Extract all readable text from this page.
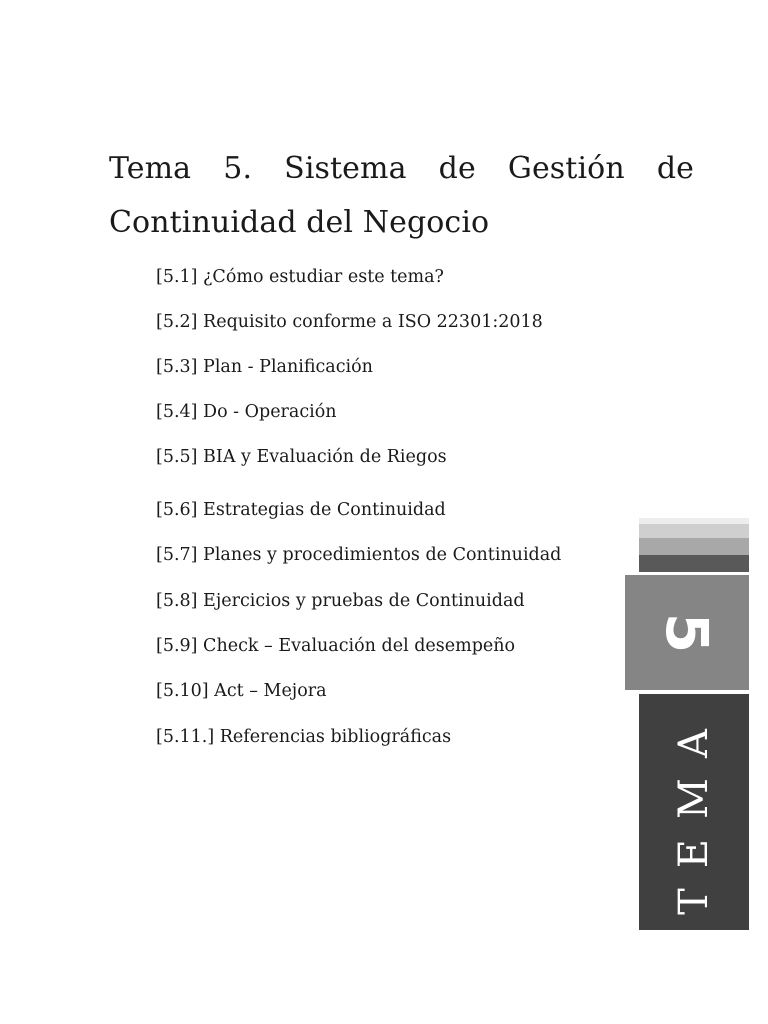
Tema 5. Sistema de Gestión de Continuidad del Negocio
[5.1] ¿Cómo estudiar este tema?
[5.2] Requisito conforme a ISO 22301:2018
[5.3] Plan - Planificación
[5.4] Do - Operación
[5.5] BIA y Evaluación de Riegos
[5.6] Estrategias de Continuidad
[5.7] Planes y procedimientos de Continuidad
[5.8] Ejercicios y pruebas de Continuidad
[5.9] Check – Evaluación del desempeño
[5.10] Act – Mejora
[5.11.] Referencias bibliográficas
5
TEMA
